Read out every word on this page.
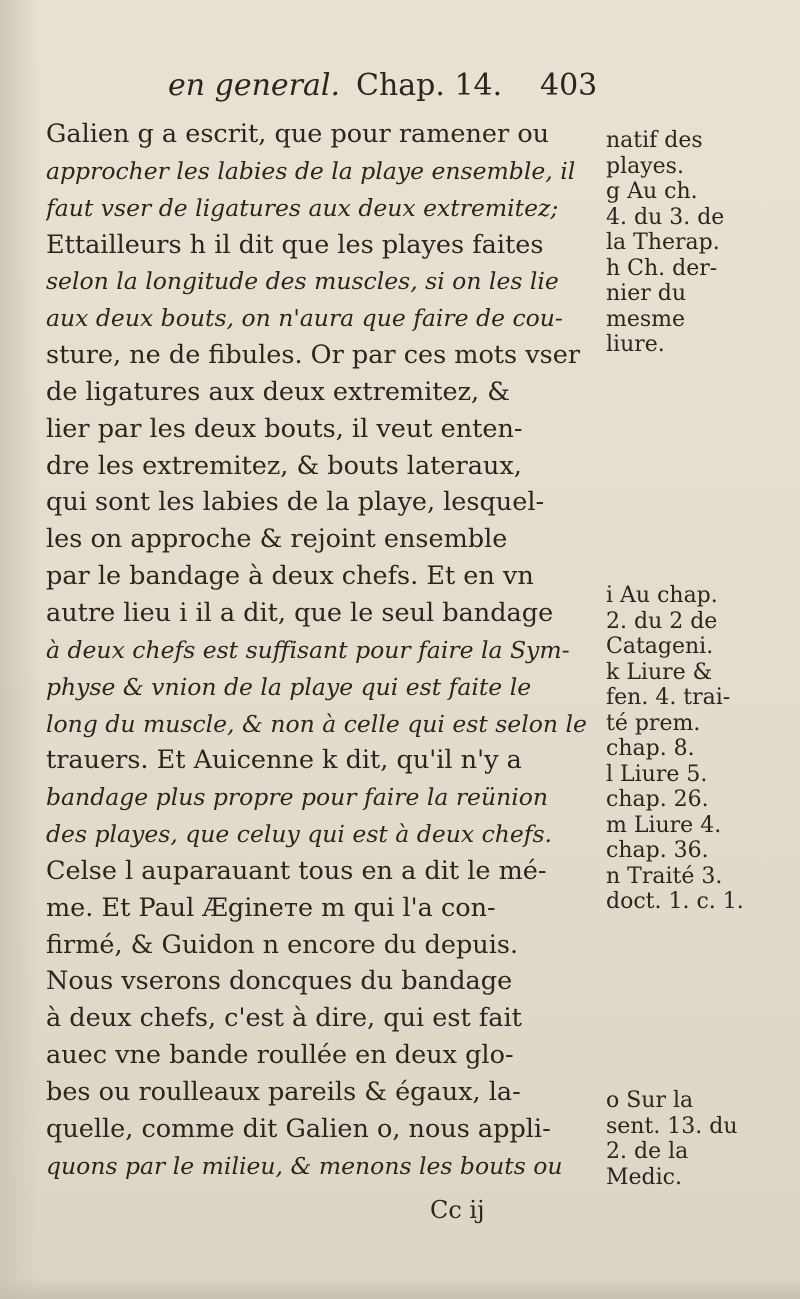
en general. Chap. 14. 403
Galien g a escrit, que pour ramener ou
approcher les labies de la playe ensemble, il
faut vser de ligatures aux deux extremitez;
Ettailleurs h il dit que les playes faites
selon la longitude des muscles, si on les lie
aux deux bouts, on n'aura que faire de cou-
sture, ne de fibules. Or par ces mots vser
de ligatures aux deux extremitez, &
lier par les deux bouts, il veut enten-
dre les extremitez, & bouts lateraux,
qui sont les labies de la playe, lesquel-
les on approche & rejoint ensemble
par le bandage à deux chefs. Et en vn
autre lieu i il a dit, que le seul bandage
à deux chefs est suffisant pour faire la Sym-
physe & vnion de la playe qui est faite le
long du muscle, & non à celle qui est selon le
trauers. Et Auicenne k dit, qu'il n'y a
bandage plus propre pour faire la reünion
des playes, que celuy qui est à deux chefs.
Celse l auparauant tous en a dit le mé-
me. Et Paul Ægineте m qui l'a con-
firmé, & Guidon n encore du depuis.
Nous vserons doncques du bandage
à deux chefs, c'est à dire, qui est fait
auec vne bande roullée en deux glo-
bes ou roulleaux pareils & égaux, la-
quelle, comme dit Galien o, nous appli-
quons par le milieu, & menons les bouts ou
natif des
playes.
g Au ch.
4. du 3. de
la Therap.
h Ch. der-
nier du
mesme
liure.
i Au chap.
2. du 2 de
Catageni.
k Liure &
fen. 4. trai-
té prem.
chap. 8.
l Liure 5.
chap. 26.
m Liure 4.
chap. 36.
n Traité 3.
doct. 1. c. 1.
o Sur la
sent. 13. du
2. de la
Medic.
Cc ij
